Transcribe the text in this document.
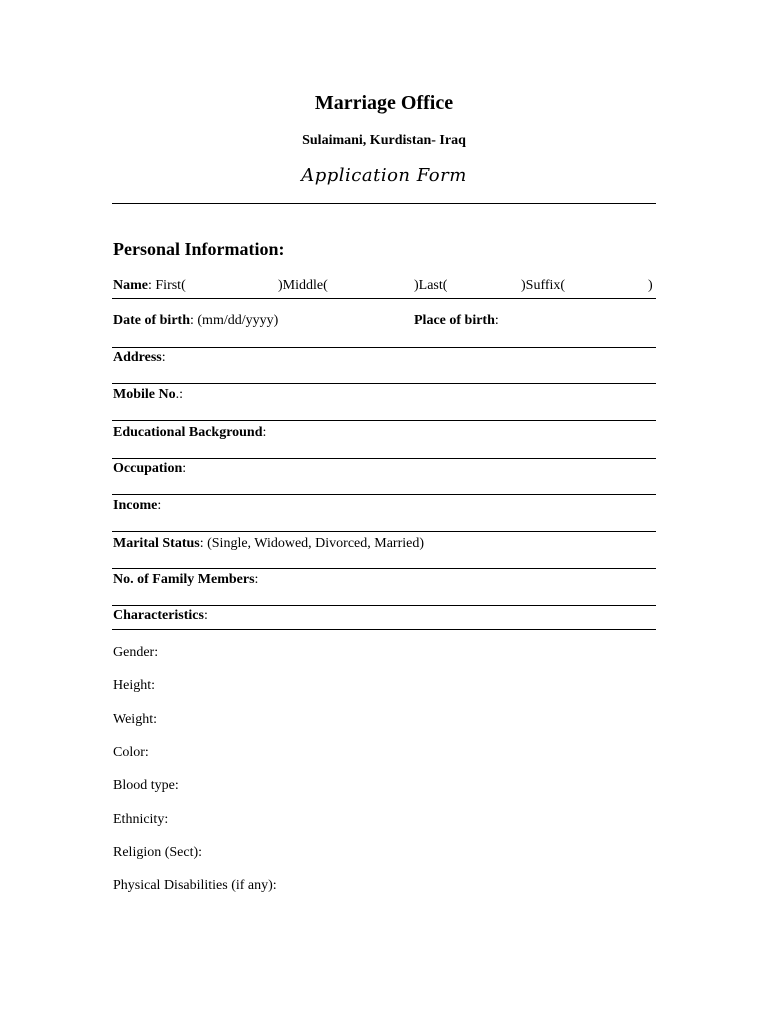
Marriage Office
Sulaimani, Kurdistan- Iraq
Application Form
Personal Information:
Name: First(	)Middle(	)Last(	)Suffix(	)
Date of birth: (mm/dd/yyyy)	Place of birth:
Address:
Mobile No.:
Educational Background:
Occupation:
Income:
Marital Status: (Single, Widowed, Divorced, Married)
No. of Family Members:
Characteristics:
Gender:
Height:
Weight:
Color:
Blood type:
Ethnicity:
Religion (Sect):
Physical Disabilities (if any):
